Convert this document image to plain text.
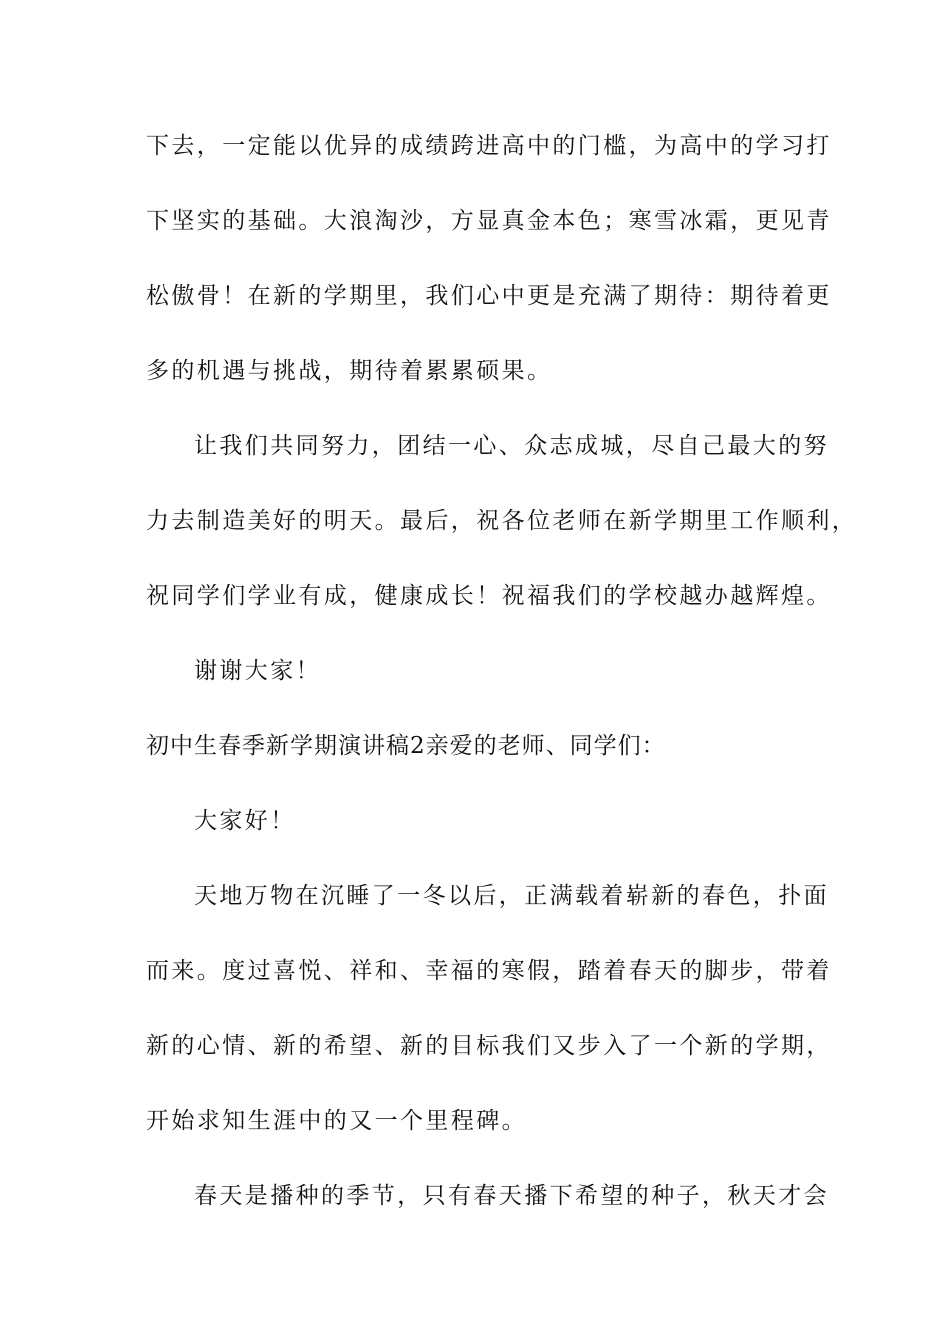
下去，一定能以优异的成绩跨进高中的门槛，为高中的学习打
下坚实的基础。大浪淘沙，方显真金本色；寒雪冰霜，更见青
松傲骨！在新的学期里，我们心中更是充满了期待：期待着更
多的机遇与挑战，期待着累累硕果。
让我们共同努力，团结一心、众志成城，尽自己最大的努
力去制造美好的明天。最后，祝各位老师在新学期里工作顺利，
祝同学们学业有成，健康成长！祝福我们的学校越办越辉煌。
谢谢大家！
初中生春季新学期演讲稿2亲爱的老师、同学们：
大家好！
天地万物在沉睡了一冬以后，正满载着崭新的春色，扑面
而来。度过喜悦、祥和、幸福的寒假，踏着春天的脚步，带着
新的心情、新的希望、新的目标我们又步入了一个新的学期，
开始求知生涯中的又一个里程碑。
春天是播种的季节，只有春天播下希望的种子，秋天才会
